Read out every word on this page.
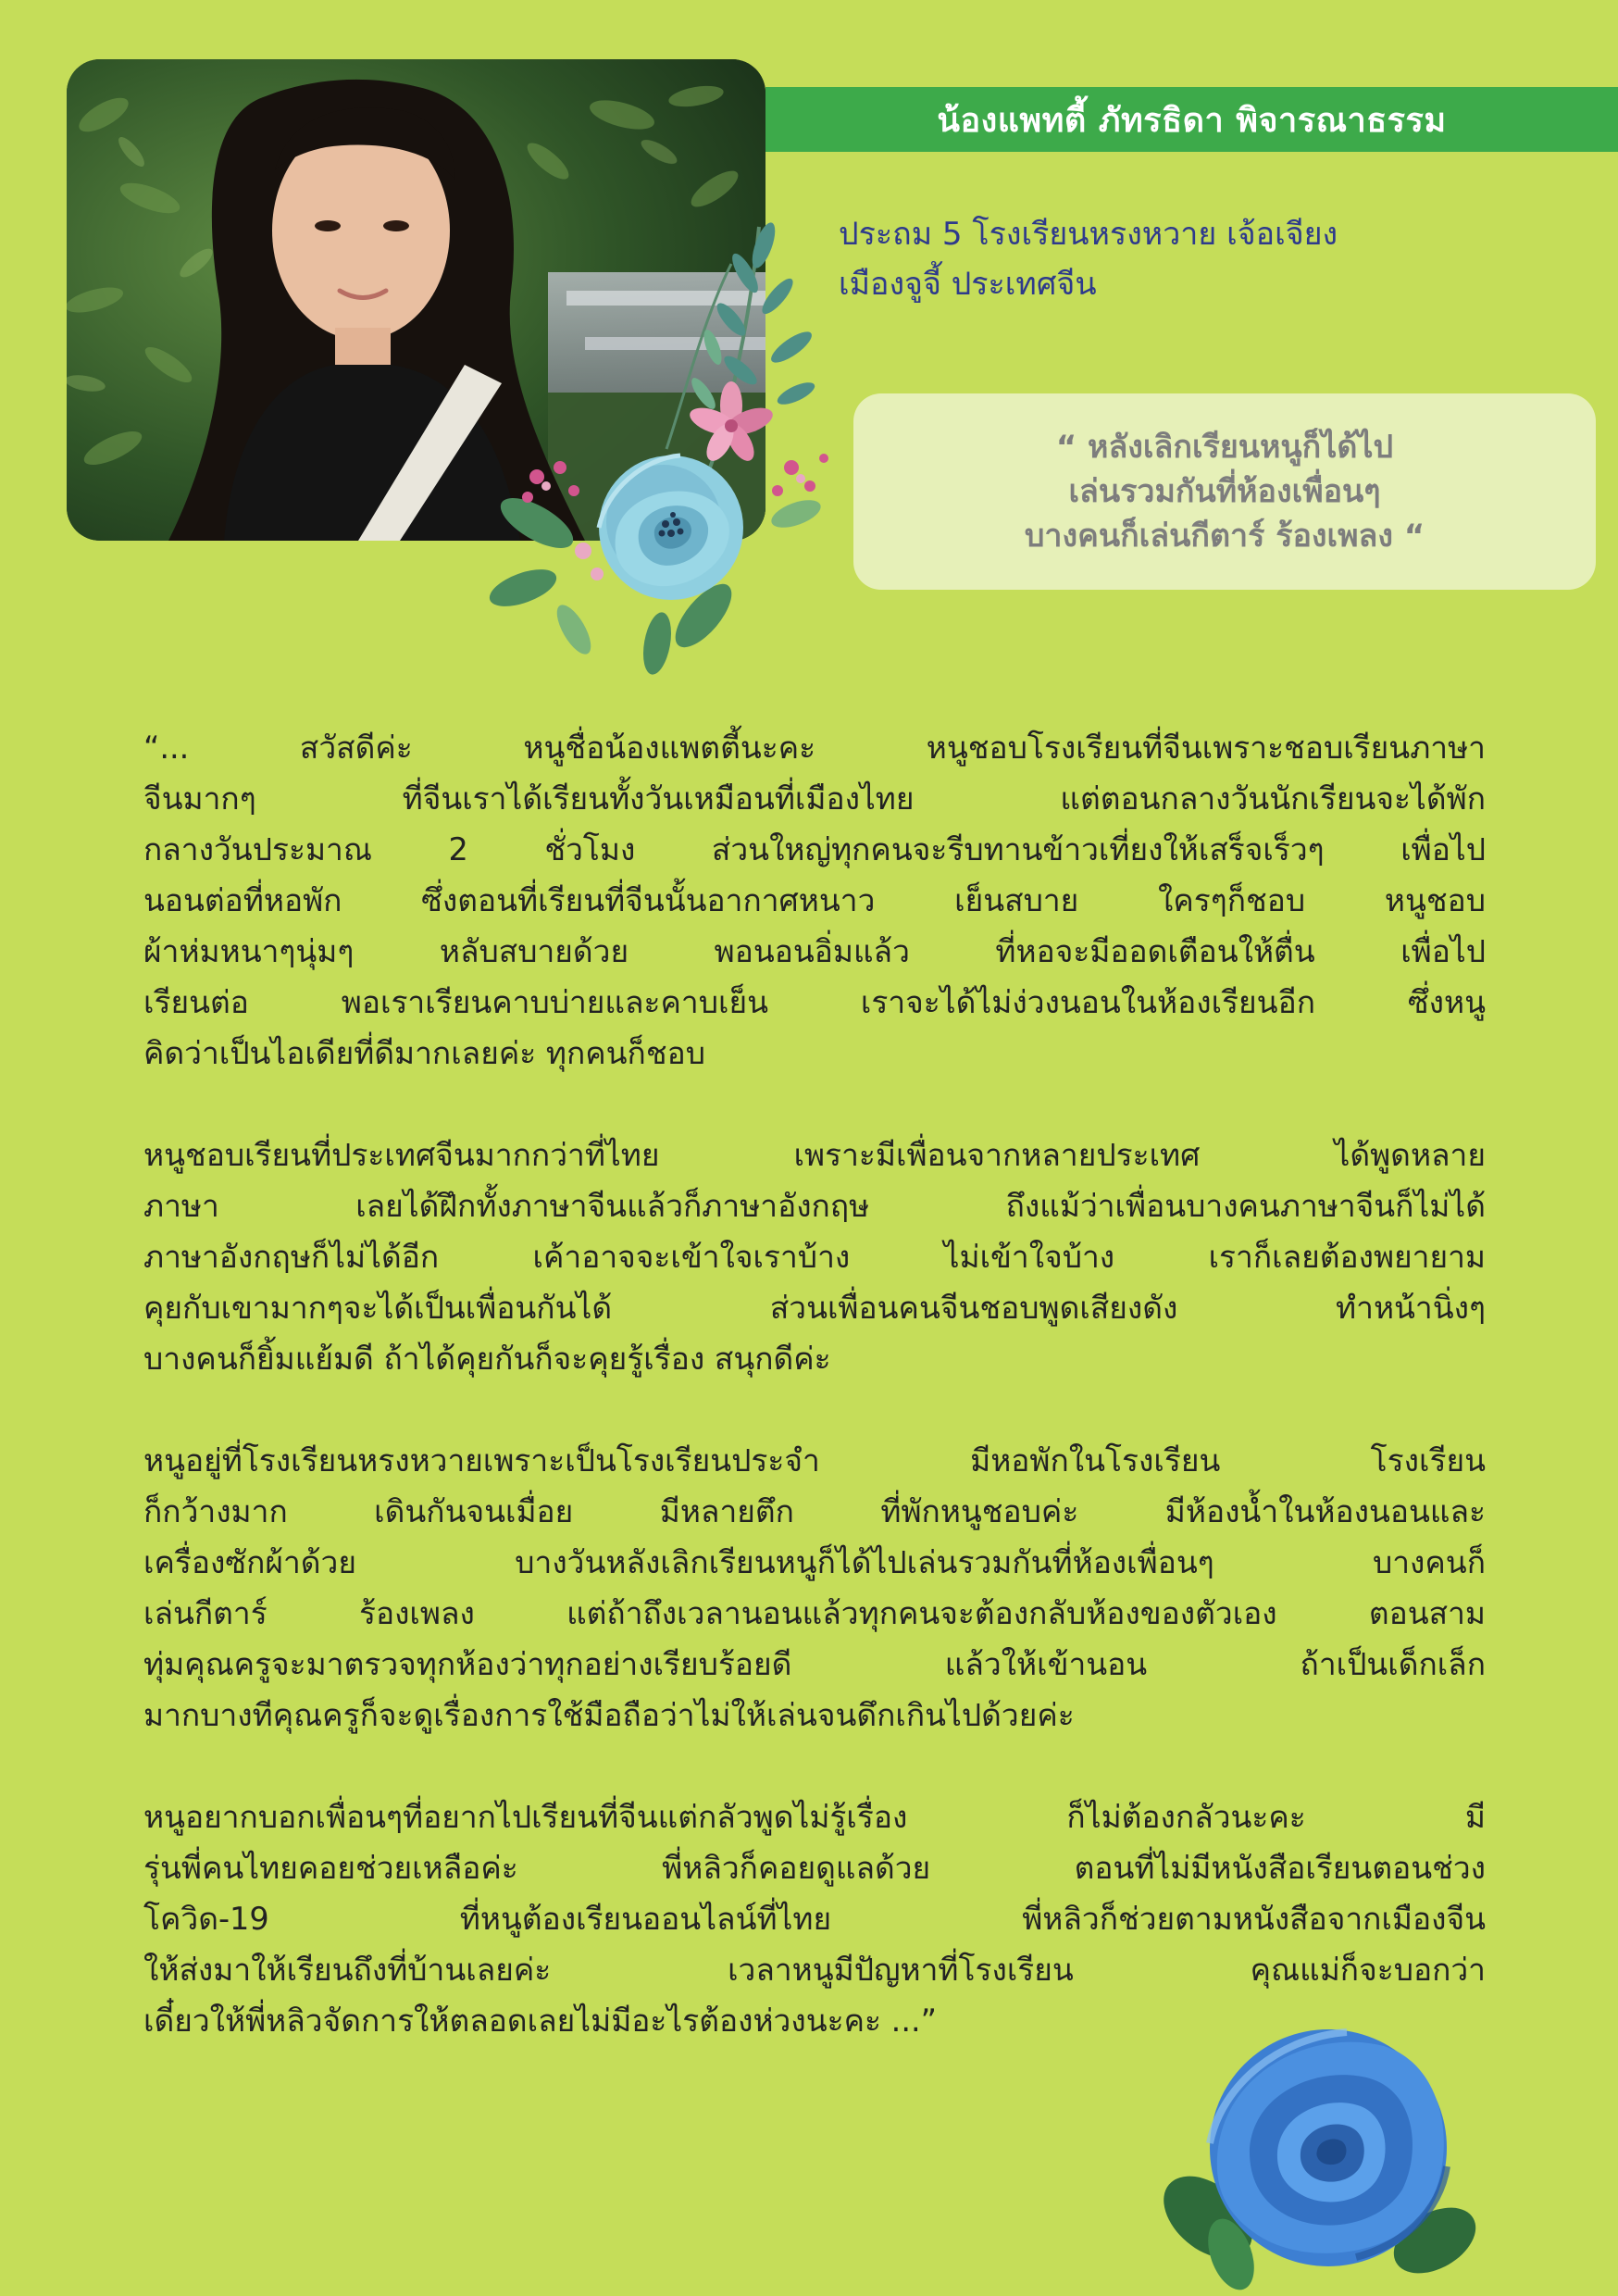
น้องแพทตี้ ภัทรธิดา พิจารณาธรรม
ประถม 5 โรงเรียนหรงหวาย เจ้อเจียง
เมืองจูจี้ ประเทศจีน
“ หลังเลิกเรียนหนูก็ได้ไป
เล่นรวมกันที่ห้องเพื่อนๆ
บางคนก็เล่นกีตาร์ ร้องเพลง “
“... สวัสดีค่ะ หนูชื่อน้องแพตตี้นะคะ หนูชอบโรงเรียนที่จีนเพราะชอบเรียนภาษา
จีนมากๆ ที่จีนเราได้เรียนทั้งวันเหมือนที่เมืองไทย แต่ตอนกลางวันนักเรียนจะได้พัก
กลางวันประมาณ 2 ชั่วโมง ส่วนใหญ่ทุกคนจะรีบทานข้าวเที่ยงให้เสร็จเร็วๆ เพื่อไป
นอนต่อที่หอพัก ซึ่งตอนที่เรียนที่จีนนั้นอากาศหนาว เย็นสบาย ใครๆก็ชอบ หนูชอบ
ผ้าห่มหนาๆนุ่มๆ หลับสบายด้วย พอนอนอิ่มแล้ว ที่หอจะมีออดเตือนให้ตื่น เพื่อไป
เรียนต่อ พอเราเรียนคาบบ่ายและคาบเย็น เราจะได้ไม่ง่วงนอนในห้องเรียนอีก ซึ่งหนู
คิดว่าเป็นไอเดียที่ดีมากเลยค่ะ ทุกคนก็ชอบ
หนูชอบเรียนที่ประเทศจีนมากกว่าที่ไทย เพราะมีเพื่อนจากหลายประเทศ ได้พูดหลาย
ภาษา เลยได้ฝึกทั้งภาษาจีนแล้วก็ภาษาอังกฤษ ถึงแม้ว่าเพื่อนบางคนภาษาจีนก็ไม่ได้
ภาษาอังกฤษก็ไม่ได้อีก เค้าอาจจะเข้าใจเราบ้าง ไม่เข้าใจบ้าง เราก็เลยต้องพยายาม
คุยกับเขามากๆจะได้เป็นเพื่อนกันได้ ส่วนเพื่อนคนจีนชอบพูดเสียงดัง ทำหน้านิ่งๆ
บางคนก็ยิ้มแย้มดี ถ้าได้คุยกันก็จะคุยรู้เรื่อง สนุกดีค่ะ
หนูอยู่ที่โรงเรียนหรงหวายเพราะเป็นโรงเรียนประจำ มีหอพักในโรงเรียน โรงเรียน
ก็กว้างมาก เดินกันจนเมื่อย มีหลายตึก ที่พักหนูชอบค่ะ มีห้องน้ำในห้องนอนและ
เครื่องซักผ้าด้วย บางวันหลังเลิกเรียนหนูก็ได้ไปเล่นรวมกันที่ห้องเพื่อนๆ บางคนก็
เล่นกีตาร์ ร้องเพลง แต่ถ้าถึงเวลานอนแล้วทุกคนจะต้องกลับห้องของตัวเอง ตอนสาม
ทุ่มคุณครูจะมาตรวจทุกห้องว่าทุกอย่างเรียบร้อยดี แล้วให้เข้านอน ถ้าเป็นเด็กเล็ก
มากบางทีคุณครูก็จะดูเรื่องการใช้มือถือว่าไม่ให้เล่นจนดึกเกินไปด้วยค่ะ
หนูอยากบอกเพื่อนๆที่อยากไปเรียนที่จีนแต่กลัวพูดไม่รู้เรื่อง ก็ไม่ต้องกลัวนะคะ มี
รุ่นพี่คนไทยคอยช่วยเหลือค่ะ พี่หลิวก็คอยดูแลด้วย ตอนที่ไม่มีหนังสือเรียนตอนช่วง
โควิด-19 ที่หนูต้องเรียนออนไลน์ที่ไทย พี่หลิวก็ช่วยตามหนังสือจากเมืองจีน
ให้ส่งมาให้เรียนถึงที่บ้านเลยค่ะ เวลาหนูมีปัญหาที่โรงเรียน คุณแม่ก็จะบอกว่า
เดี๋ยวให้พี่หลิวจัดการให้ตลอดเลยไม่มีอะไรต้องห่วงนะคะ ...”
